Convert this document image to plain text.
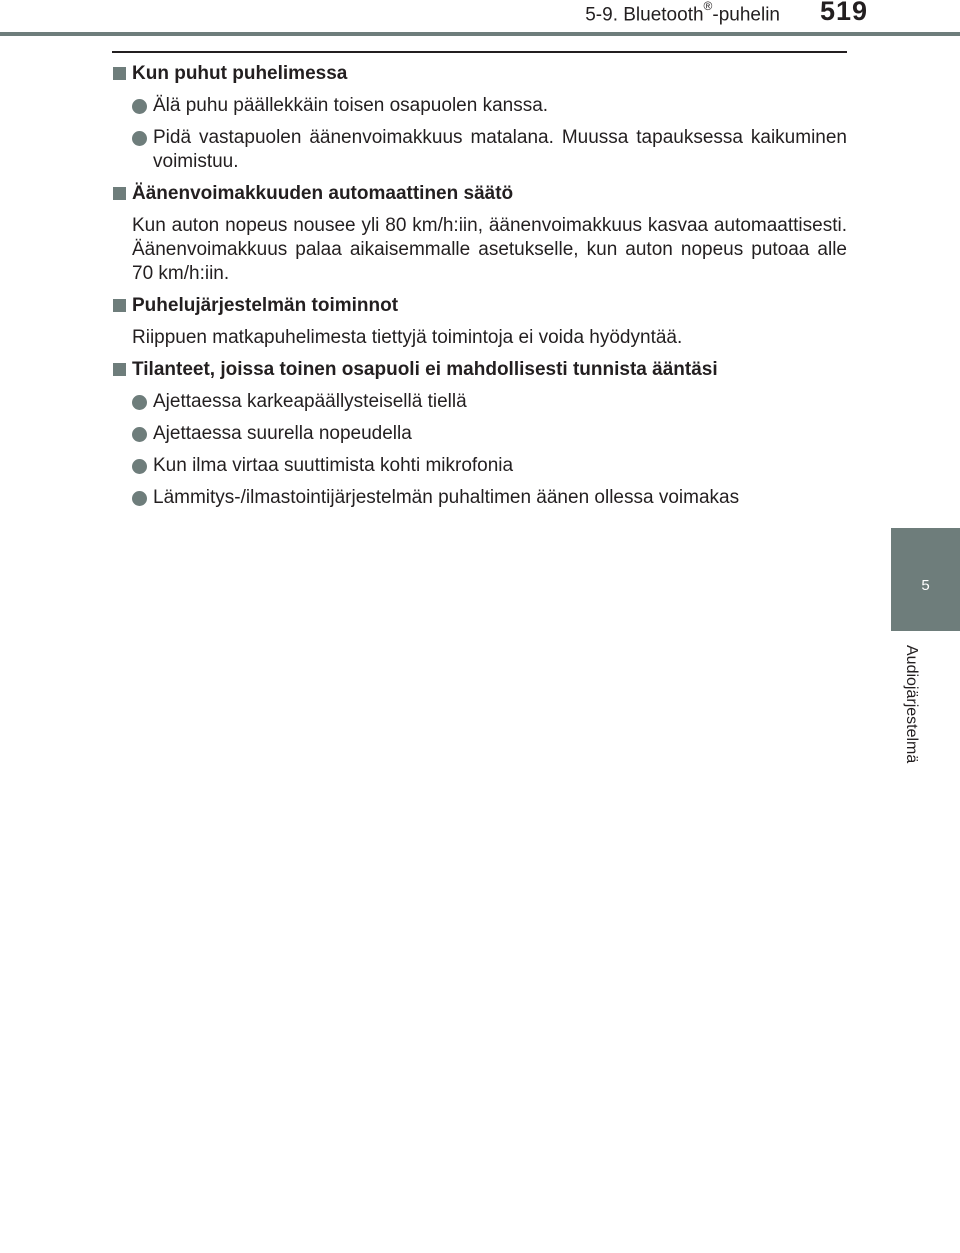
5-9. Bluetooth®-puhelin 519
5
Audiojärjestelmä
Kun puhut puhelimessa
Älä puhu päällekkäin toisen osapuolen kanssa.
Pidä vastapuolen äänenvoimakkuus matalana. Muussa tapauksessa kaikuminen voimistuu.
Äänenvoimakkuuden automaattinen säätö
Kun auton nopeus nousee yli 80 km/h:iin, äänenvoimakkuus kasvaa automaattisesti. Äänenvoimakkuus palaa aikaisemmalle asetukselle, kun auton nopeus putoaa alle 70 km/h:iin.
Puhelujärjestelmän toiminnot
Riippuen matkapuhelimesta tiettyjä toimintoja ei voida hyödyntää.
Tilanteet, joissa toinen osapuoli ei mahdollisesti tunnista ääntäsi
Ajettaessa karkeapäällysteisellä tiellä
Ajettaessa suurella nopeudella
Kun ilma virtaa suuttimista kohti mikrofonia
Lämmitys-/ilmastointijärjestelmän puhaltimen äänen ollessa voimakas
